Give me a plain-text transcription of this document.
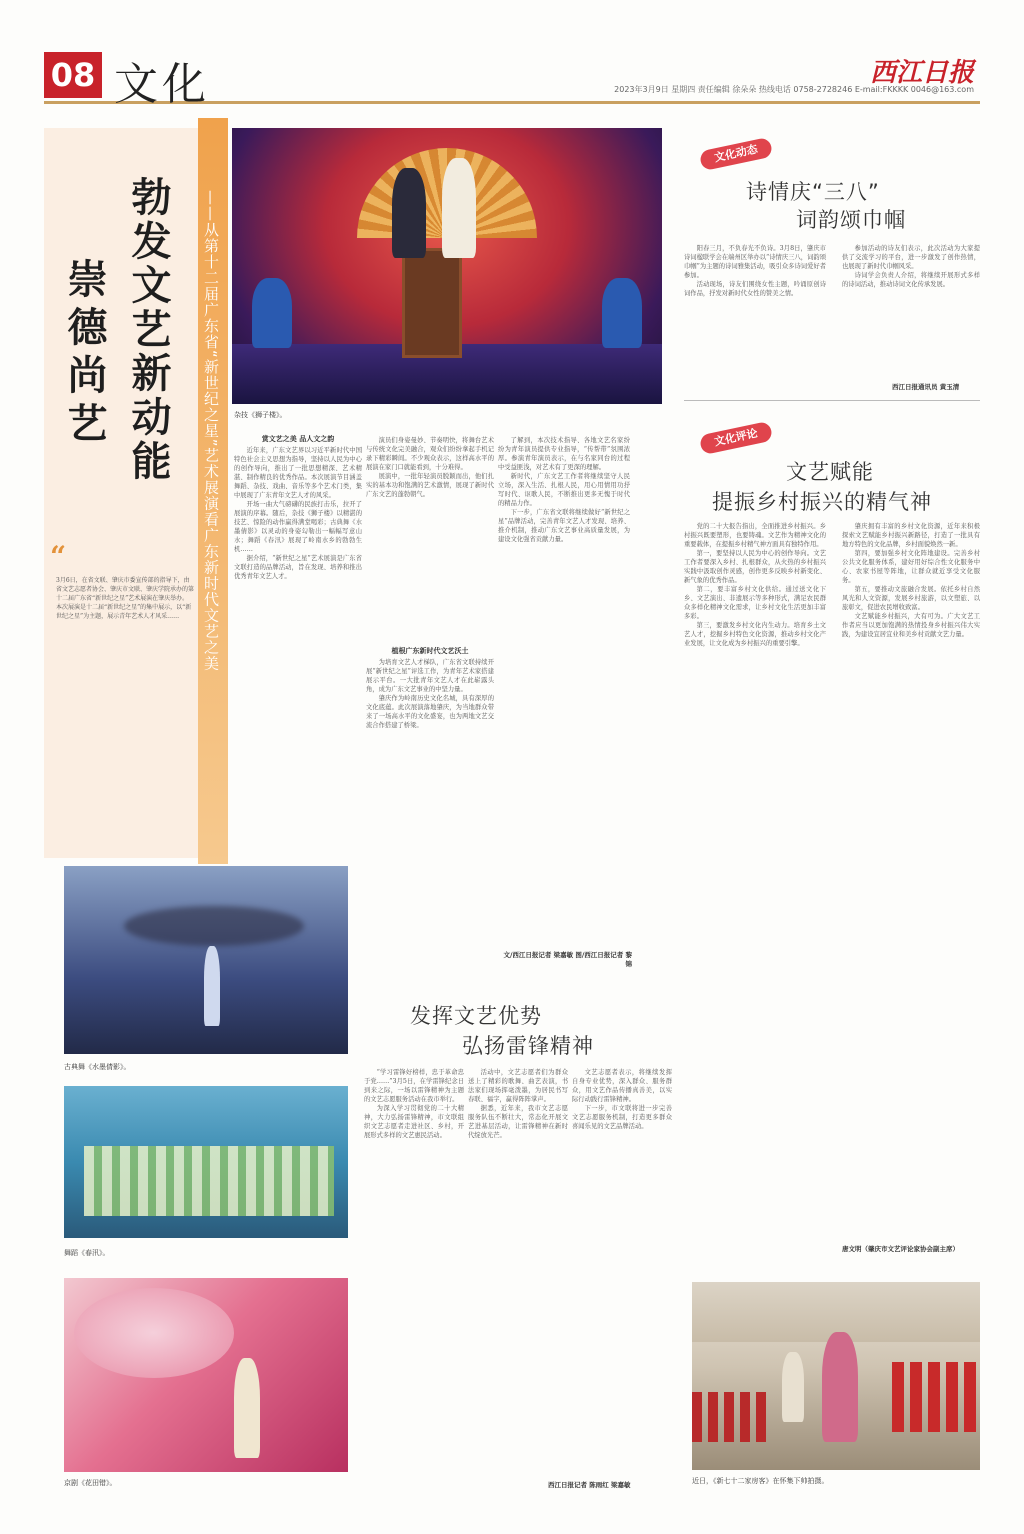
08 文化	西江日报
2023年3月9日 星期四 责任编辑 徐朵朵 热线电话 0758-2728246 E-mail:FKKKK 0046@163.com
勃发文艺新动能
崇德尚艺	——从第十二届广东省“新世纪之星”艺术展演看广东新时代文艺之美
“
3月6日，在省文联、肇庆市委宣传部的指导下，由省文艺志愿者协会、肇庆市文联、肇庆学院承办的第十二届广东省“新世纪之星”艺术展演在肇庆举办。本次展演是十二届“新世纪之星”的集中展示，以“新世纪之星”为主题，展示青年艺术人才风采……
杂技《狮子楼》。
赏文艺之美 品人文之韵

近年来，广东文艺界以习近平新时代中国特色社会主义思想为指导，坚持以人民为中心的创作导向，推出了一批思想精深、艺术精湛、制作精良的优秀作品。本次展演节目涵盖舞蹈、杂技、戏曲、音乐等多个艺术门类，集中展现了广东青年文艺人才的风采。

开场一曲大气磅礴的民族打击乐，拉开了展演的序幕。随后，杂技《狮子楼》以精湛的技艺、惊险的动作赢得满堂喝彩；古典舞《水墨倩影》以灵动的身姿勾勒出一幅幅写意山水；舞蹈《春汛》展现了岭南水乡的勃勃生机……

据介绍，“新世纪之星”艺术展演是广东省文联打造的品牌活动，旨在发现、培养和推出优秀青年文艺人才。

演员们身姿曼妙、节奏明快，将舞台艺术与传统文化完美融合，观众们纷纷拿起手机记录下精彩瞬间。不少观众表示，这样高水平的展演在家门口就能看到，十分难得。

展演中，一批年轻演员脱颖而出，他们扎实的基本功和饱满的艺术激情，展现了新时代广东文艺的蓬勃朝气。

植根广东新时代文艺沃土

为培育文艺人才梯队，广东省文联持续开展“新世纪之星”评选工作，为青年艺术家搭建展示平台。一大批青年文艺人才在此崭露头角，成为广东文艺事业的中坚力量。

肇庆作为岭南历史文化名城，具有深厚的文化底蕴。此次展演落地肇庆，为当地群众带来了一场高水平的文化盛宴，也为两地文艺交流合作搭建了桥梁。

了解到，本次技术指导、各地文艺名家纷纷为青年演员提供专业指导，“传帮带”氛围浓厚。参演青年演员表示，在与名家同台的过程中受益匪浅，对艺术有了更深的理解。

新时代，广东文艺工作者将继续坚守人民立场，深入生活、扎根人民，用心用情用功抒写时代、讴歌人民，不断推出更多无愧于时代的精品力作。

下一步，广东省文联将继续做好“新世纪之星”品牌活动，完善青年文艺人才发现、培养、推介机制，推动广东文艺事业高质量发展，为建设文化强省贡献力量。

文/西江日报记者 梁嘉敏 图/西江日报记者 黎锦
古典舞《水墨倩影》。
舞蹈《春汛》。
京剧《花田错》。
发挥文艺优势
弘扬雷锋精神

“学习雷锋好榜样，忠于革命忠于党……”3月5日，在学雷锋纪念日到来之际，一场以雷锋精神为主题的文艺志愿服务活动在我市举行。

为深入学习贯彻党的二十大精神，大力弘扬雷锋精神，市文联组织文艺志愿者走进社区、乡村，开展形式多样的文艺惠民活动。

活动中，文艺志愿者们为群众送上了精彩的歌舞、曲艺表演，书法家们现场挥毫泼墨，为居民书写春联、福字，赢得阵阵掌声。

据悉，近年来，我市文艺志愿服务队伍不断壮大，常态化开展文艺进基层活动，让雷锋精神在新时代绽放光芒。

文艺志愿者表示，将继续发挥自身专业优势，深入群众、服务群众，用文艺作品传播真善美，以实际行动践行雷锋精神。

下一步，市文联将进一步完善文艺志愿服务机制，打造更多群众喜闻乐见的文艺品牌活动。

西江日报记者 陈雨红 梁嘉敏
文化动态
诗情庆“三八”
词韵颂巾帼

阳春三月，不负春光不负诗。3月8日，肇庆市诗词楹联学会在端州区举办以“诗情庆三八，词韵颂巾帼”为主题的诗词雅集活动，吸引众多诗词爱好者参加。

活动现场，诗友们围绕女性主题，吟诵原创诗词作品，抒发对新时代女性的赞美之情。

参加活动的诗友们表示，此次活动为大家提供了交流学习的平台，进一步激发了创作热情，也展现了新时代巾帼风采。

诗词学会负责人介绍，将继续开展形式多样的诗词活动，推动诗词文化传承发展。

西江日报通讯员 黄玉清
文化评论
文艺赋能
提振乡村振兴的精气神

党的二十大报告指出，全面推进乡村振兴。乡村振兴既要塑形，也要铸魂。文艺作为精神文化的重要载体，在提振乡村精气神方面具有独特作用。

第一，要坚持以人民为中心的创作导向。文艺工作者要深入乡村、扎根群众，从火热的乡村振兴实践中汲取创作灵感，创作更多反映乡村新变化、新气象的优秀作品。

第二，要丰富乡村文化供给。通过送文化下乡、文艺演出、非遗展示等多种形式，满足农民群众多样化精神文化需求，让乡村文化生活更加丰富多彩。

第三，要激发乡村文化内生动力。培育乡土文艺人才，挖掘乡村特色文化资源，推动乡村文化产业发展，让文化成为乡村振兴的重要引擎。

肇庆拥有丰富的乡村文化资源，近年来积极探索文艺赋能乡村振兴新路径，打造了一批具有地方特色的文化品牌，乡村面貌焕然一新。

第四，要加强乡村文化阵地建设。完善乡村公共文化服务体系，建好用好综合性文化服务中心、农家书屋等阵地，让群众就近享受文化服务。

第五，要推动文旅融合发展。依托乡村自然风光和人文资源，发展乡村旅游，以文塑旅、以旅彰文，促进农民增收致富。

文艺赋能乡村振兴，大有可为。广大文艺工作者应当以更加饱满的热情投身乡村振兴伟大实践，为建设宜居宜业和美乡村贡献文艺力量。

唐文明（肇庆市文艺评论家协会副主席）
近日，《新七十二家房客》在怀集下帅拍摄。
